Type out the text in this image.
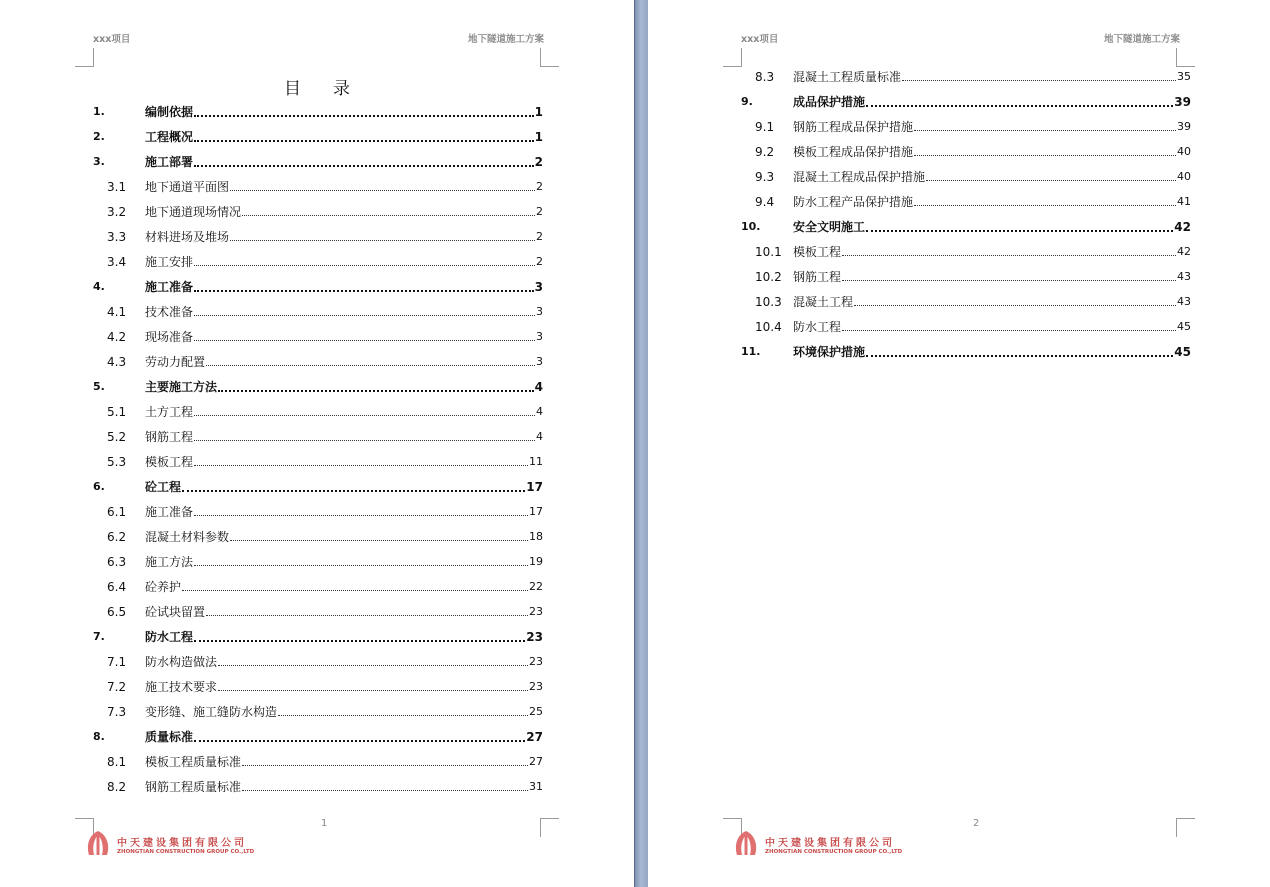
xxx项目	地下隧道施工方案
目 录
1.	编制依据	1
2.	工程概况	1
3.	施工部署	2
3.1	地下通道平面图	2
3.2	地下通道现场情况	2
3.3	材料进场及堆场	2
3.4	施工安排	2
4.	施工准备	3
4.1	技术准备	3
4.2	现场准备	3
4.3	劳动力配置	3
5.	主要施工方法	4
5.1	土方工程	4
5.2	钢筋工程	4
5.3	模板工程	11
6.	砼工程	17
6.1	施工准备	17
6.2	混凝土材料参数	18
6.3	施工方法	19
6.4	砼养护	22
6.5	砼试块留置	23
7.	防水工程	23
7.1	防水构造做法	23
7.2	施工技术要求	23
7.3	变形缝、施工缝防水构造	25
8.	质量标准	27
8.1	模板工程质量标准	27
8.2	钢筋工程质量标准	31
1
中天建设集团有限公司
ZHONGTIAN CONSTRUCTION GROUP CO.,LTD
xxx项目	地下隧道施工方案
8.3	混凝土工程质量标准	35
9.	成品保护措施	39
9.1	钢筋工程成品保护措施	39
9.2	模板工程成品保护措施	40
9.3	混凝土工程成品保护措施	40
9.4	防水工程产品保护措施	41
10.	安全文明施工	42
10.1 模板工程	42
10.2 钢筋工程	43
10.3 混凝土工程	43
10.4 防水工程	45
11.	环境保护措施	45
2
中天建设集团有限公司
ZHONGTIAN CONSTRUCTION GROUP CO.,LTD
